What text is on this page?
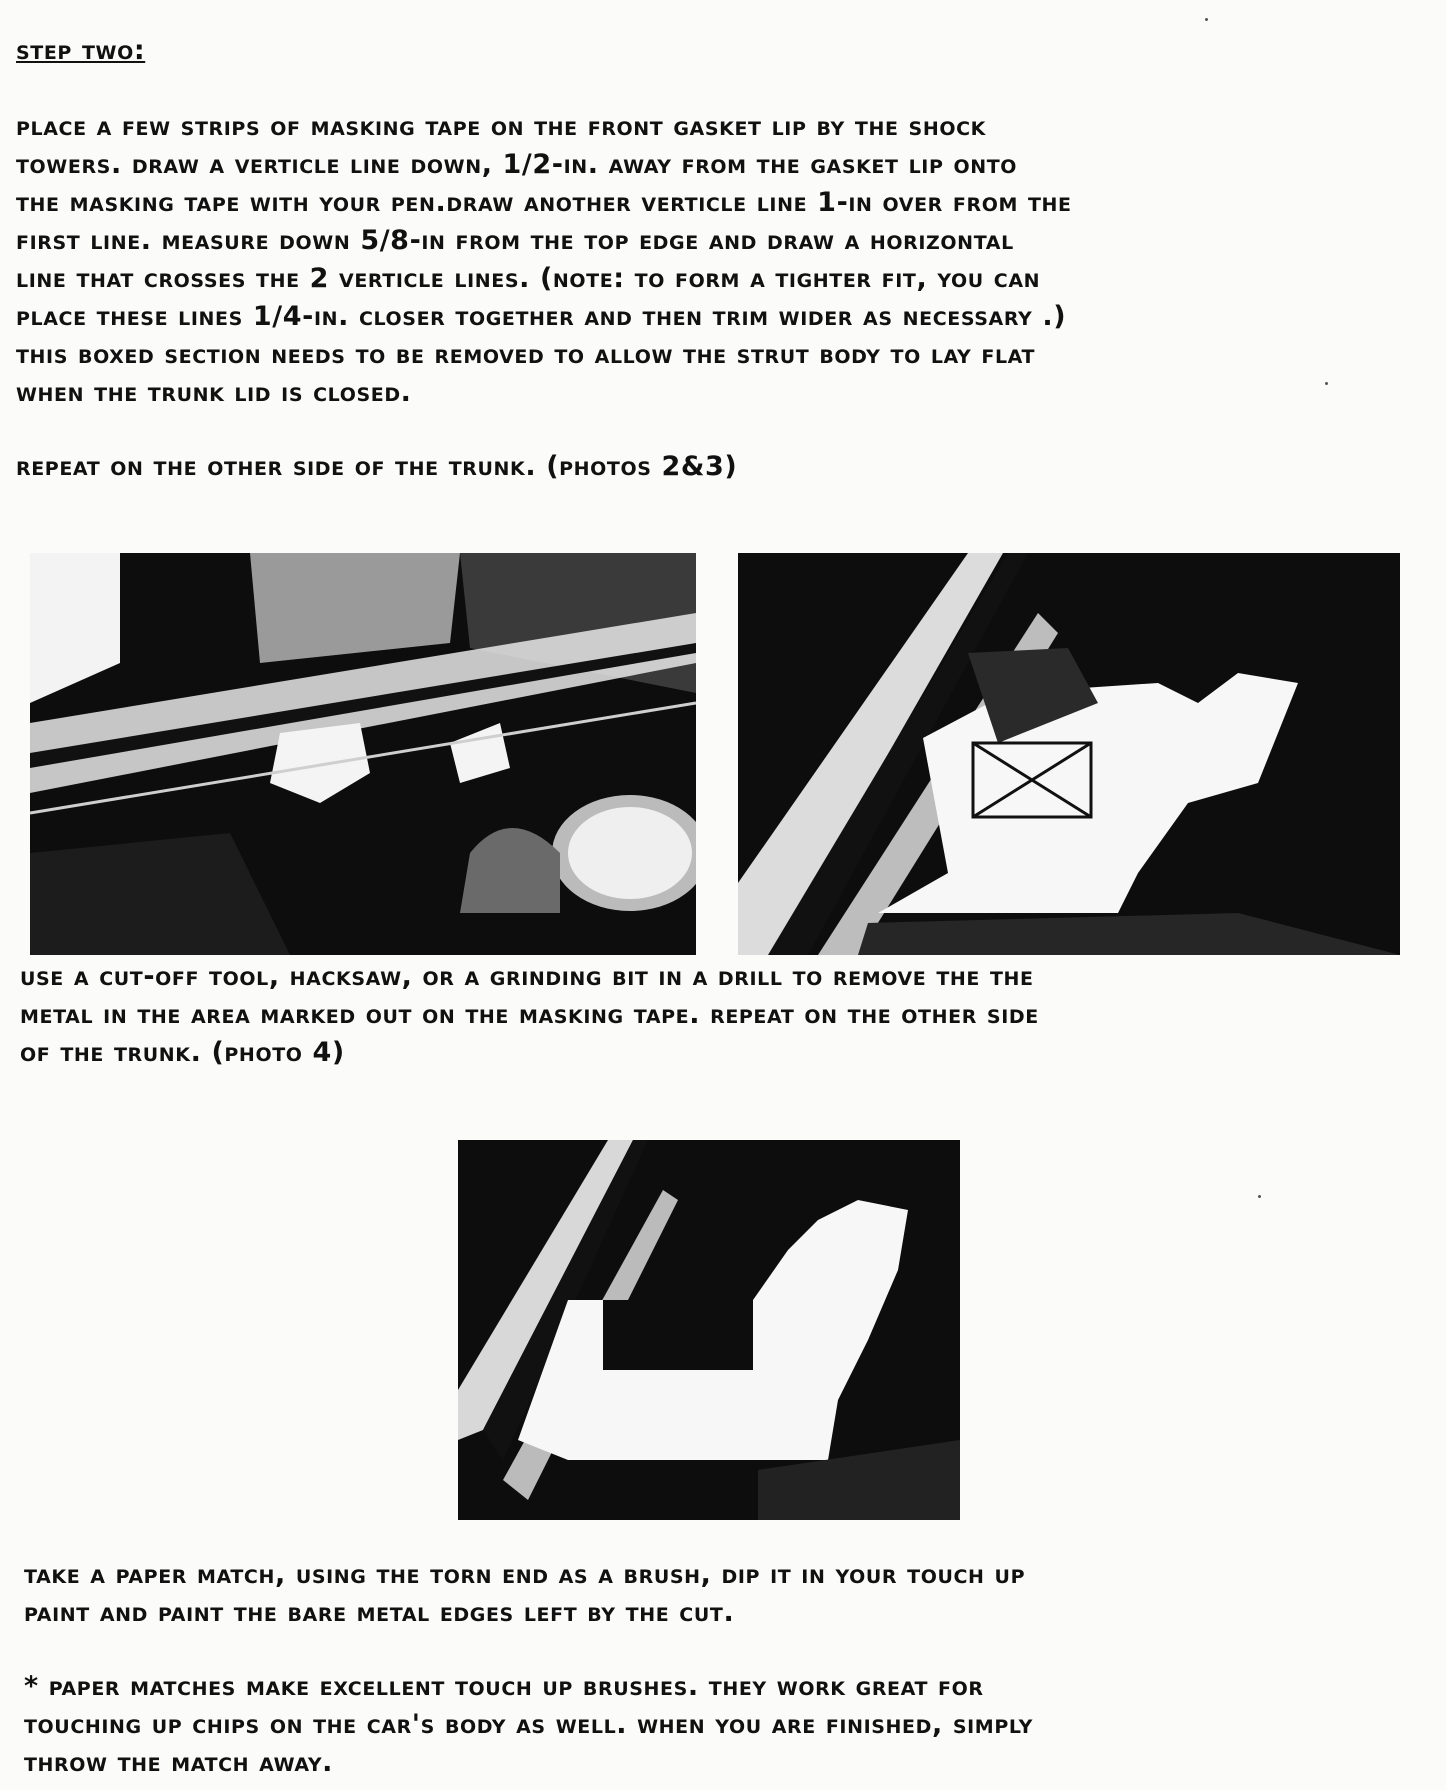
step two:
place a few strips of masking tape on the front gasket lip by the shock
towers. draw a verticle line down, 1/2-in. away from the gasket lip onto
the masking tape with your pen.draw another verticle line 1-in over from the
first line. measure down 5/8-in from the top edge and draw a horizontal
line that crosses the 2 verticle lines. (note: to form a tighter fit, you can
place these lines 1/4-in. closer together and then trim wider as necessary .)
this boxed section needs to be removed to allow the strut body to lay flat
when the trunk lid is closed.
repeat on the other side of the trunk. (photos 2&3)
use a cut-off tool, hacksaw, or a grinding bit in a drill to remove the the
metal in the area marked out on the masking tape. repeat on the other side
of the trunk. (photo 4)
take a paper match, using the torn end as a brush, dip it in your touch up
paint and paint the bare metal edges left by the cut.
* paper matches make excellent touch up brushes. they work great for
touching up chips on the car's body as well. when you are finished, simply
throw the match away.
